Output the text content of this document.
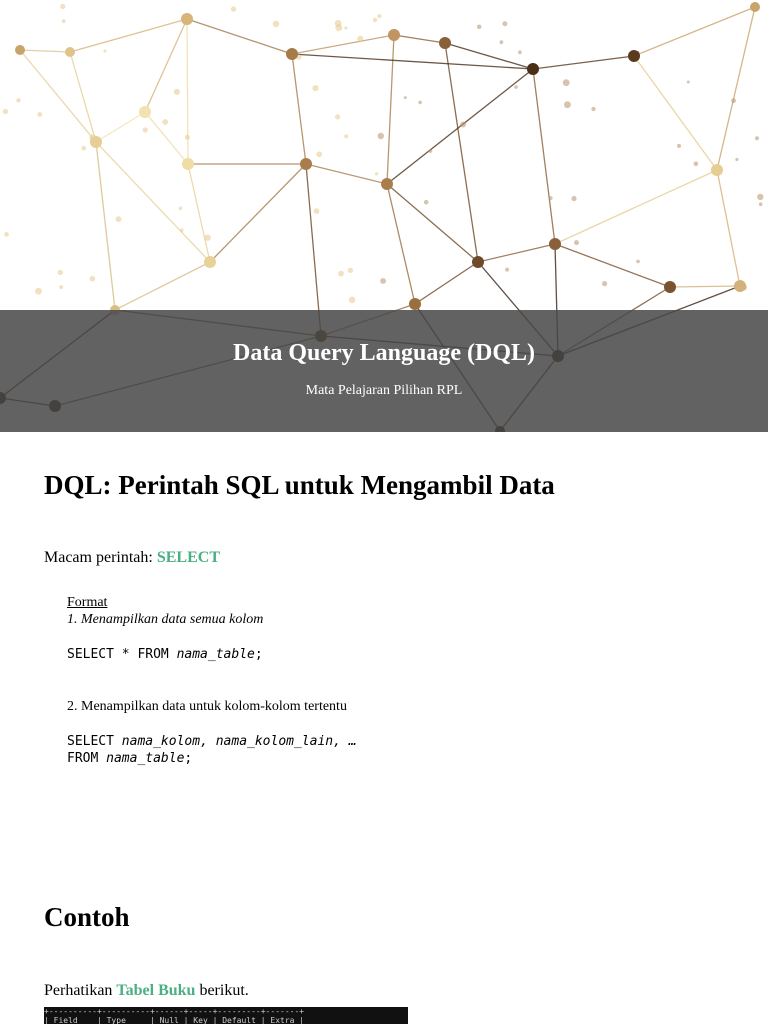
Data Query Language (DQL)
Mata Pelajaran Pilihan RPL
DQL: Perintah SQL untuk Mengambil Data
Macam perintah: SELECT
Format
1. Menampilkan data semua kolom
SELECT * FROM nama_table;
2. Menampilkan data untuk kolom-kolom tertentu
SELECT nama_kolom, nama_kolom_lain, …
FROM nama_table;
Contoh
Perhatikan Tabel Buku berikut.
+----------+----------+------+-----+---------+-------+
| Field    | Type     | Null | Key | Default | Extra |
